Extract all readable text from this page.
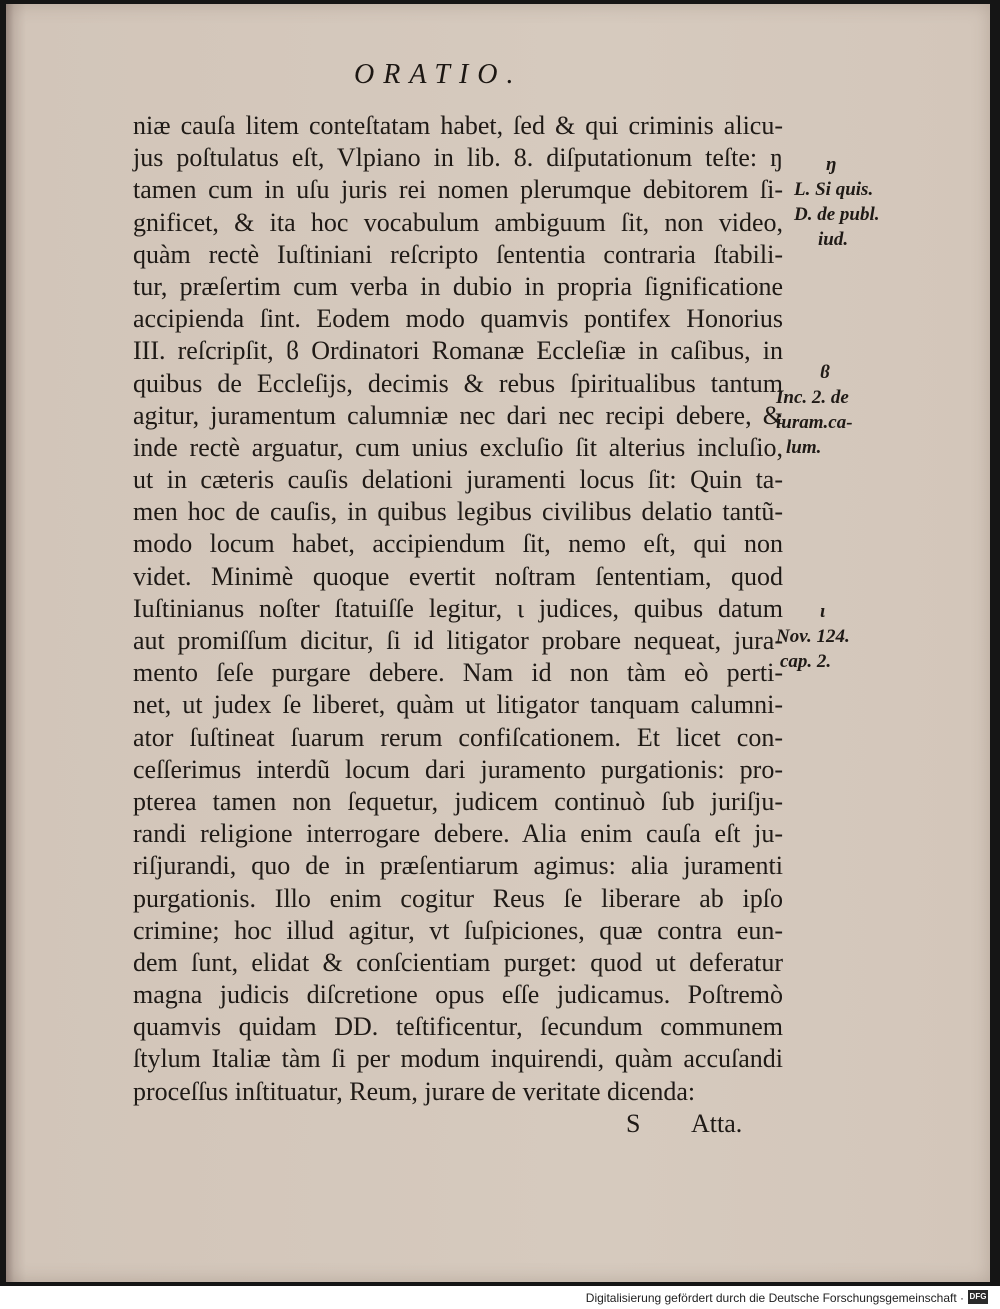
ORATIO.
niæ cauſa litem conteſtatam habet, ſed & qui criminis alicu-
jus poſtulatus eſt, Vlpiano in lib. 8. diſputationum teſte: ŋ
tamen cum in uſu juris rei nomen plerumque debitorem ſi-
gnificet, & ita hoc vocabulum ambiguum ſit, non video,
quàm rectè Iuſtiniani reſcripto ſententia contraria ſtabili-
tur, præſertim cum verba in dubio in propria ſignificatione
accipienda ſint. Eodem modo quamvis pontifex Honorius
III. reſcripſit, ϐ Ordinatori Romanæ Eccleſiæ in caſibus, in
quibus de Eccleſijs, decimis & rebus ſpiritualibus tantum
agitur, juramentum calumniæ nec dari nec recipi debere, &
inde rectè arguatur, cum unius excluſio ſit alterius incluſio,
ut in cæteris cauſis delationi juramenti locus ſit: Quin ta-
men hoc de cauſis, in quibus legibus civilibus delatio tantũ-
modo locum habet, accipiendum ſit, nemo eſt, qui non
videt. Minimè quoque evertit noſtram ſententiam, quod
Iuſtinianus noſter ſtatuiſſe legitur, ι judices, quibus datum
aut promiſſum dicitur, ſi id litigator probare nequeat, jura-
mento ſeſe purgare debere. Nam id non tàm eò perti-
net, ut judex ſe liberet, quàm ut litigator tanquam calumni-
ator ſuſtineat ſuarum rerum confiſcationem. Et licet con-
ceſſerimus interdũ locum dari juramento purgationis: pro-
pterea tamen non ſequetur, judicem continuò ſub juriſju-
randi religione interrogare debere. Alia enim cauſa eſt ju-
riſjurandi, quo de in præſentiarum agimus: alia juramenti
purgationis. Illo enim cogitur Reus ſe liberare ab ipſo
crimine; hoc illud agitur, vt ſuſpiciones, quæ contra eun-
dem ſunt, elidat & conſcientiam purget: quod ut deferatur
magna judicis diſcretione opus eſſe judicamus. Poſtremò
quamvis quidam DD. teſtificentur, ſecundum communem
ſtylum Italiæ tàm ſi per modum inquirendi, quàm accuſandi
proceſſus inſtituatur, Reum, jurare de veritate dicenda:
S        Atta.
ŋ
L. Si quis.
D. de publ.
iud.
ϐ
Inc. 2. de
iuram.ca-
lum.
ι
Nov. 124.
cap. 2.
Digitalisierung gefördert durch die Deutsche Forschungsgemeinschaft · DFG
